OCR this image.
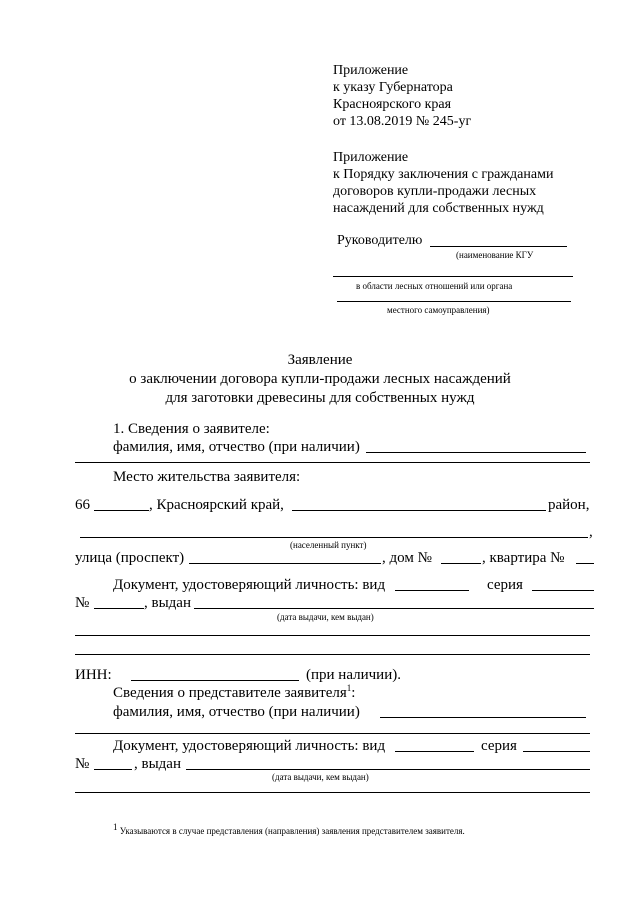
Приложение
к указу Губернатора
Красноярского края
от 13.08.2019 № 245-уг
Приложение
к Порядку заключения с гражданами
договоров купли-продажи лесных
насаждений для собственных нужд
Руководителю
(наименование КГУ
в области лесных отношений или органа
местного самоуправления)
Заявление
о заключении договора купли-продажи лесных насаждений
для заготовки древесины для собственных нужд
1. Сведения о заявителе:
фамилия, имя, отчество (при наличии)
Место жительства заявителя:
66	, Красноярский край,	район,
,
(населенный пункт)
улица (проспект)	, дом №	, квартира №
Документ, удостоверяющий личность: вид	серия
№	, выдан
(дата выдачи, кем выдан)
ИНН:	(при наличии).
Сведения о представителе заявителя$^1$:
фамилия, имя, отчество (при наличии)
Документ, удостоверяющий личность: вид	серия
№	, выдан
(дата выдачи, кем выдан)
$^1$ Указываются в случае представления (направления) заявления представителем заявителя.
